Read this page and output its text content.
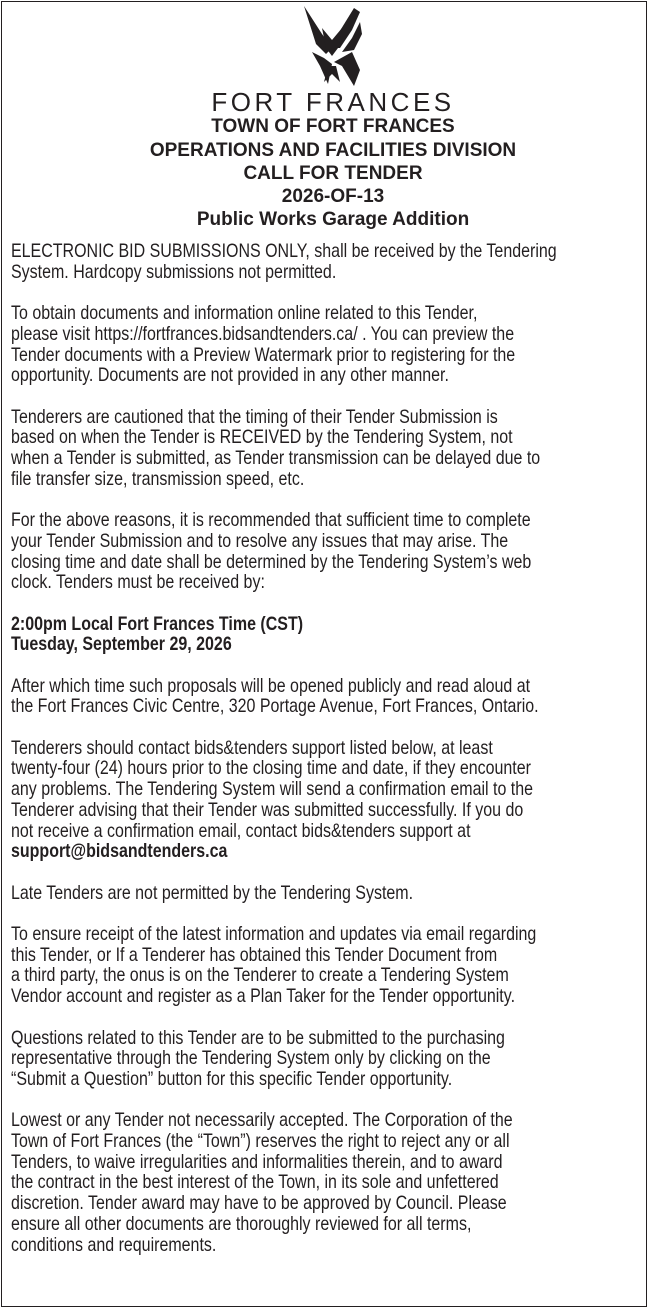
FORT FRANCES
TOWN OF FORT FRANCES
OPERATIONS AND FACILITIES DIVISION
CALL FOR TENDER
2026-OF-13
Public Works Garage Addition

ELECTRONIC BID SUBMISSIONS ONLY, shall be received by the Tendering
System. Hardcopy submissions not permitted.

To obtain documents and information online related to this Tender,
please visit https://fortfrances.bidsandtenders.ca/ . You can preview the
Tender documents with a Preview Watermark prior to registering for the
opportunity. Documents are not provided in any other manner.

Tenderers are cautioned that the timing of their Tender Submission is
based on when the Tender is RECEIVED by the Tendering System, not
when a Tender is submitted, as Tender transmission can be delayed due to
file transfer size, transmission speed, etc.

For the above reasons, it is recommended that sufficient time to complete
your Tender Submission and to resolve any issues that may arise. The
closing time and date shall be determined by the Tendering System’s web
clock. Tenders must be received by:

2:00pm Local Fort Frances Time (CST)
Tuesday, September 29, 2026

After which time such proposals will be opened publicly and read aloud at
the Fort Frances Civic Centre, 320 Portage Avenue, Fort Frances, Ontario.

Tenderers should contact bids&tenders support listed below, at least
twenty-four (24) hours prior to the closing time and date, if they encounter
any problems. The Tendering System will send a confirmation email to the
Tenderer advising that their Tender was submitted successfully. If you do
not receive a confirmation email, contact bids&tenders support at
support@bidsandtenders.ca

Late Tenders are not permitted by the Tendering System.

To ensure receipt of the latest information and updates via email regarding
this Tender, or If a Tenderer has obtained this Tender Document from
a third party, the onus is on the Tenderer to create a Tendering System
Vendor account and register as a Plan Taker for the Tender opportunity.

Questions related to this Tender are to be submitted to the purchasing
representative through the Tendering System only by clicking on the
“Submit a Question” button for this specific Tender opportunity.

Lowest or any Tender not necessarily accepted. The Corporation of the
Town of Fort Frances (the “Town”) reserves the right to reject any or all
Tenders, to waive irregularities and informalities therein, and to award
the contract in the best interest of the Town, in its sole and unfettered
discretion. Tender award may have to be approved by Council. Please
ensure all other documents are thoroughly reviewed for all terms,
conditions and requirements.
